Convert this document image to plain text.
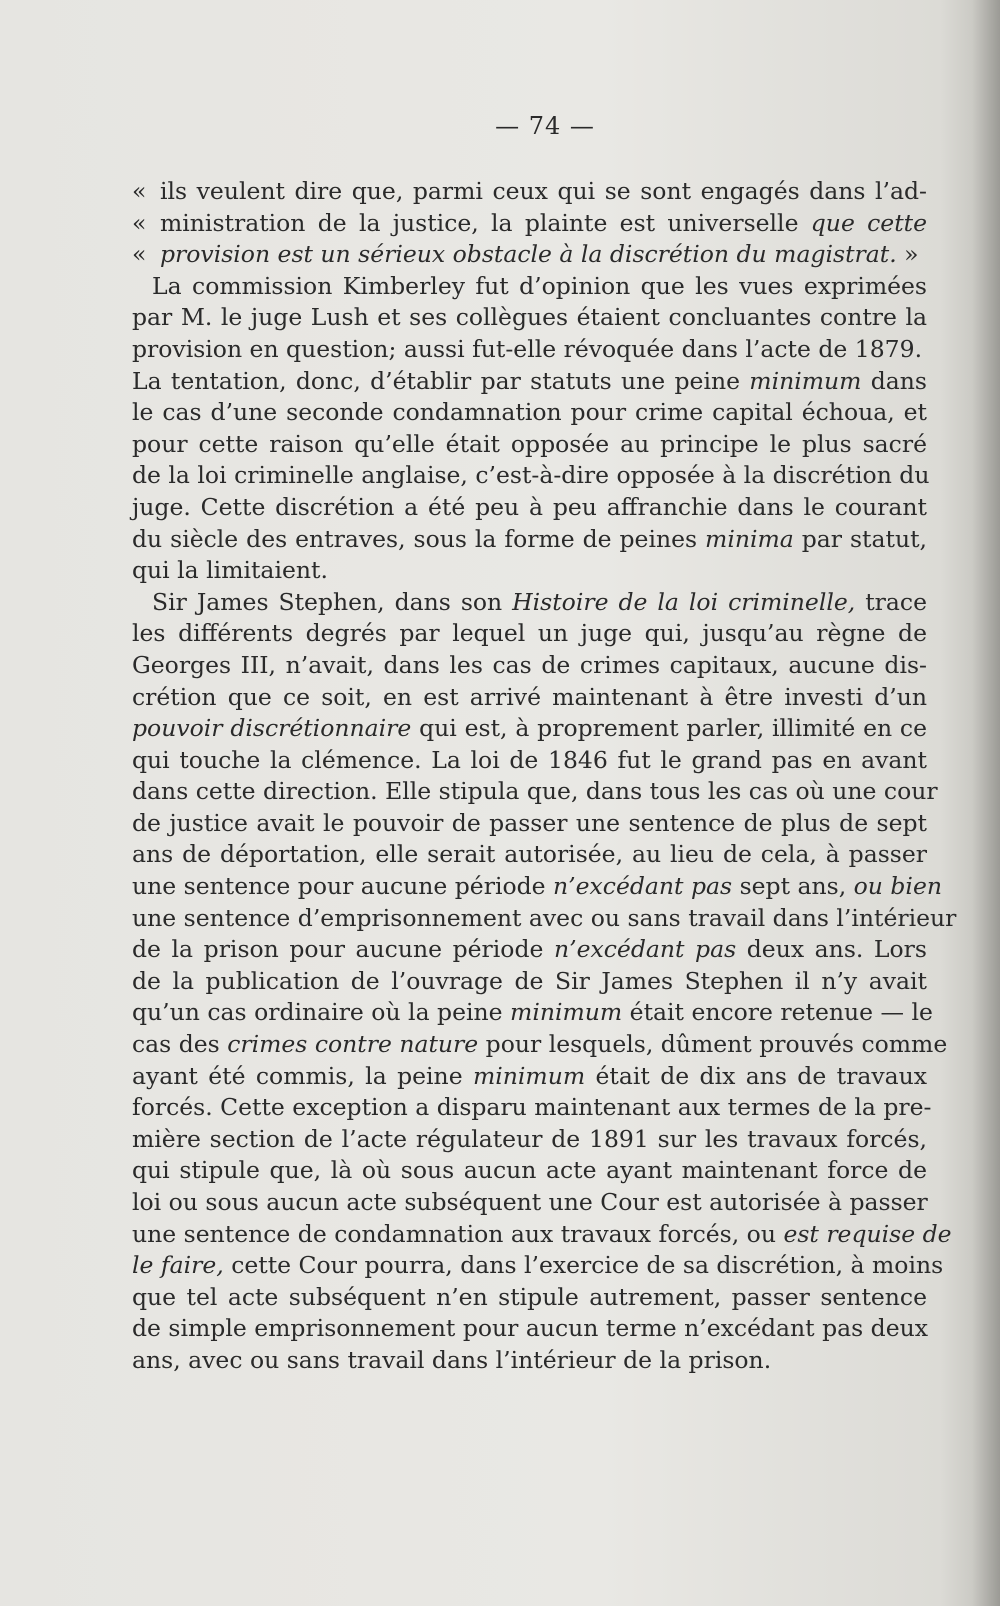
— 74 —
«ils veulent dire que, parmi ceux qui se sont engagés dans l’ad-
«ministration de la justice, la plainte est universelle que cette
«provision est un sérieux obstacle à la discrétion du magistrat. »
La commission Kimberley fut d’opinion que les vues exprimées
par M. le juge Lush et ses collègues étaient concluantes contre la
provision en question; aussi fut-elle révoquée dans l’acte de 1879.
La tentation, donc, d’établir par statuts une peine minimum dans
le cas d’une seconde condamnation pour crime capital échoua, et
pour cette raison qu’elle était opposée au principe le plus sacré
de la loi criminelle anglaise, c’est-à-dire opposée à la discrétion du
juge. Cette discrétion a été peu à peu affranchie dans le courant
du siècle des entraves, sous la forme de peines minima par statut,
qui la limitaient.
Sir James Stephen, dans son Histoire de la loi criminelle, trace
les différents degrés par lequel un juge qui, jusqu’au règne de
Georges III, n’avait, dans les cas de crimes capitaux, aucune dis-
crétion que ce soit, en est arrivé maintenant à être investi d’un
pouvoir discrétionnaire qui est, à proprement parler, illimité en ce
qui touche la clémence. La loi de 1846 fut le grand pas en avant
dans cette direction. Elle stipula que, dans tous les cas où une cour
de justice avait le pouvoir de passer une sentence de plus de sept
ans de déportation, elle serait autorisée, au lieu de cela, à passer
une sentence pour aucune période n’excédant pas sept ans, ou bien
une sentence d’emprisonnement avec ou sans travail dans l’intérieur
de la prison pour aucune période n’excédant pas deux ans. Lors
de la publication de l’ouvrage de Sir James Stephen il n’y avait
qu’un cas ordinaire où la peine minimum était encore retenue — le
cas des crimes contre nature pour lesquels, dûment prouvés comme
ayant été commis, la peine minimum était de dix ans de travaux
forcés. Cette exception a disparu maintenant aux termes de la pre-
mière section de l’acte régulateur de 1891 sur les travaux forcés,
qui stipule que, là où sous aucun acte ayant maintenant force de
loi ou sous aucun acte subséquent une Cour est autorisée à passer
une sentence de condamnation aux travaux forcés, ou est requise de
le faire, cette Cour pourra, dans l’exercice de sa discrétion, à moins
que tel acte subséquent n’en stipule autrement, passer sentence
de simple emprisonnement pour aucun terme n’excédant pas deux
ans, avec ou sans travail dans l’intérieur de la prison.
